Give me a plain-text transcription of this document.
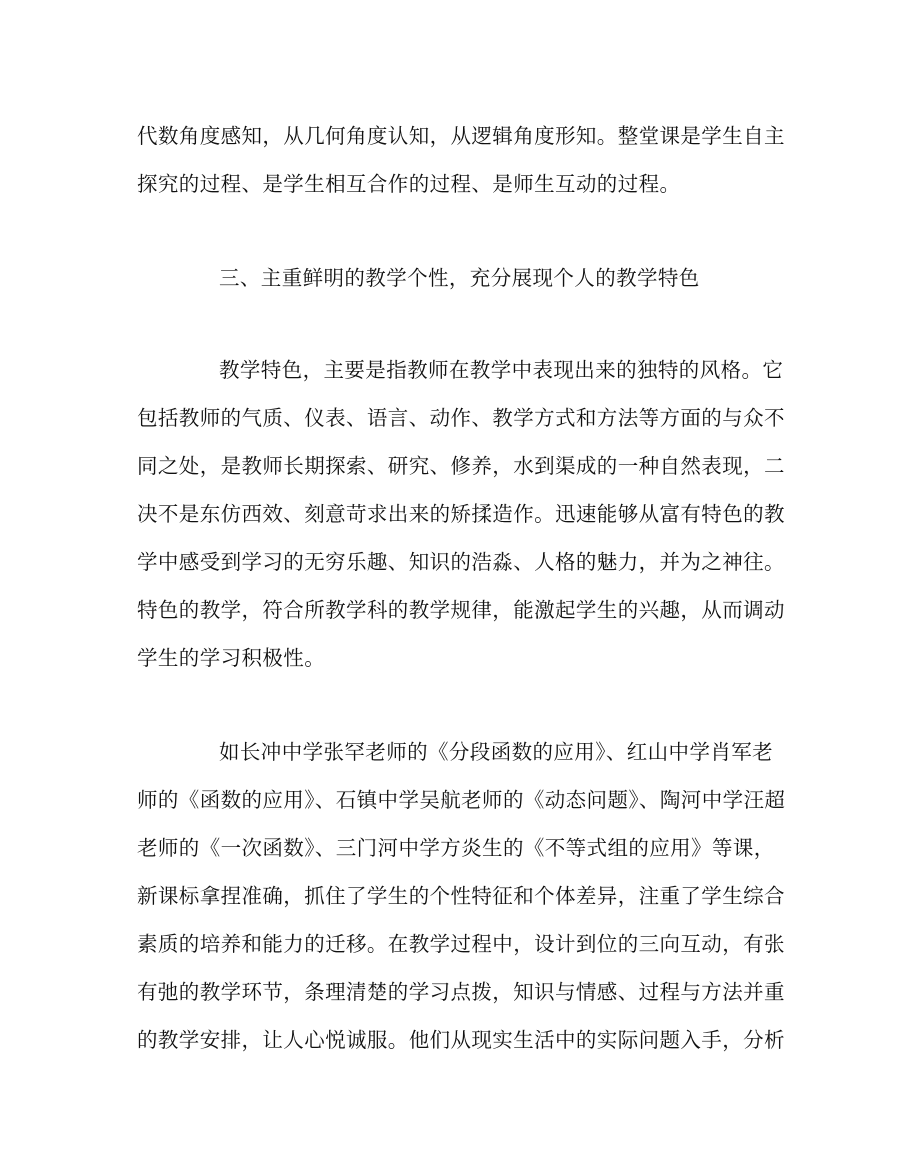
代数角度感知，从几何角度认知，从逻辑角度形知。整堂课是学生自主
探究的过程、是学生相互合作的过程、是师生互动的过程。
三、主重鲜明的教学个性，充分展现个人的教学特色
教学特色，主要是指教师在教学中表现出来的独特的风格。它
包括教师的气质、仪表、语言、动作、教学方式和方法等方面的与众不
同之处，是教师长期探索、研究、修养，水到渠成的一种自然表现，二
决不是东仿西效、刻意苛求出来的矫揉造作。迅速能够从富有特色的教
学中感受到学习的无穷乐趣、知识的浩淼、人格的魅力，并为之神往。
特色的教学，符合所教学科的教学规律，能激起学生的兴趣，从而调动
学生的学习积极性。
如长冲中学张罕老师的《分段函数的应用》、红山中学肖军老
师的《函数的应用》、石镇中学吴航老师的《动态问题》、陶河中学汪超
老师的《一次函数》、三门河中学方炎生的《不等式组的应用》等课，
新课标拿捏准确，抓住了学生的个性特征和个体差异，注重了学生综合
素质的培养和能力的迁移。在教学过程中，设计到位的三向互动，有张
有弛的教学环节，条理清楚的学习点拨，知识与情感、过程与方法并重
的教学安排，让人心悦诚服。他们从现实生活中的实际问题入手，分析
